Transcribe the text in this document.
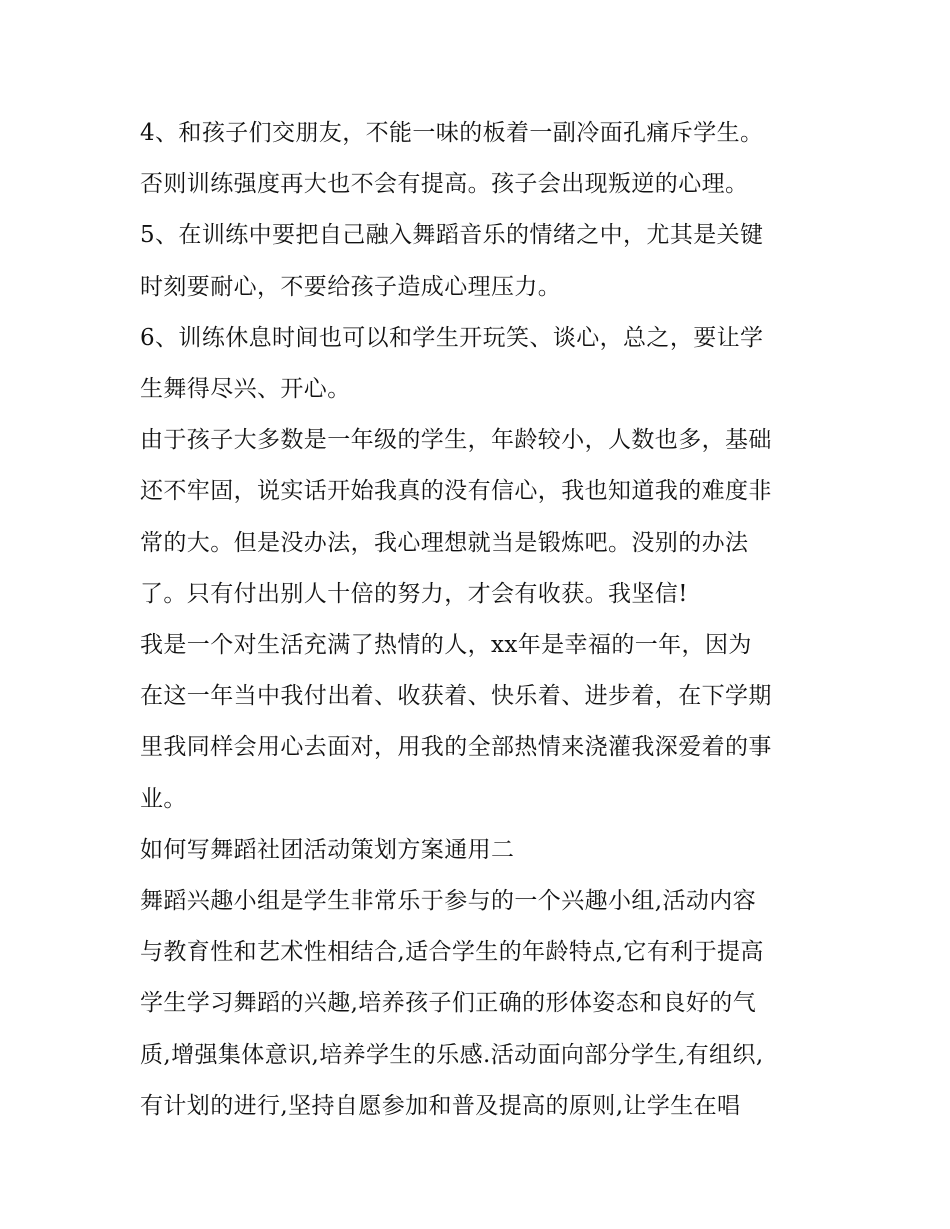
4、和孩子们交朋友，不能一味的板着一副冷面孔痛斥学生。
否则训练强度再大也不会有提高。孩子会出现叛逆的心理。
5、在训练中要把自己融入舞蹈音乐的情绪之中，尤其是关键
时刻要耐心，不要给孩子造成心理压力。
6、训练休息时间也可以和学生开玩笑、谈心，总之，要让学
生舞得尽兴、开心。
由于孩子大多数是一年级的学生，年龄较小，人数也多，基础
还不牢固，说实话开始我真的没有信心，我也知道我的难度非
常的大。但是没办法，我心理想就当是锻炼吧。没别的办法
了。只有付出别人十倍的努力，才会有收获。我坚信!
我是一个对生活充满了热情的人，xx年是幸福的一年，因为
在这一年当中我付出着、收获着、快乐着、进步着，在下学期
里我同样会用心去面对，用我的全部热情来浇灌我深爱着的事
业。
如何写舞蹈社团活动策划方案通用二
舞蹈兴趣小组是学生非常乐于参与的一个兴趣小组,活动内容
与教育性和艺术性相结合,适合学生的年龄特点,它有利于提高
学生学习舞蹈的兴趣,培养孩子们正确的形体姿态和良好的气
质,增强集体意识,培养学生的乐感.活动面向部分学生,有组织,
有计划的进行,坚持自愿参加和普及提高的原则,让学生在唱
